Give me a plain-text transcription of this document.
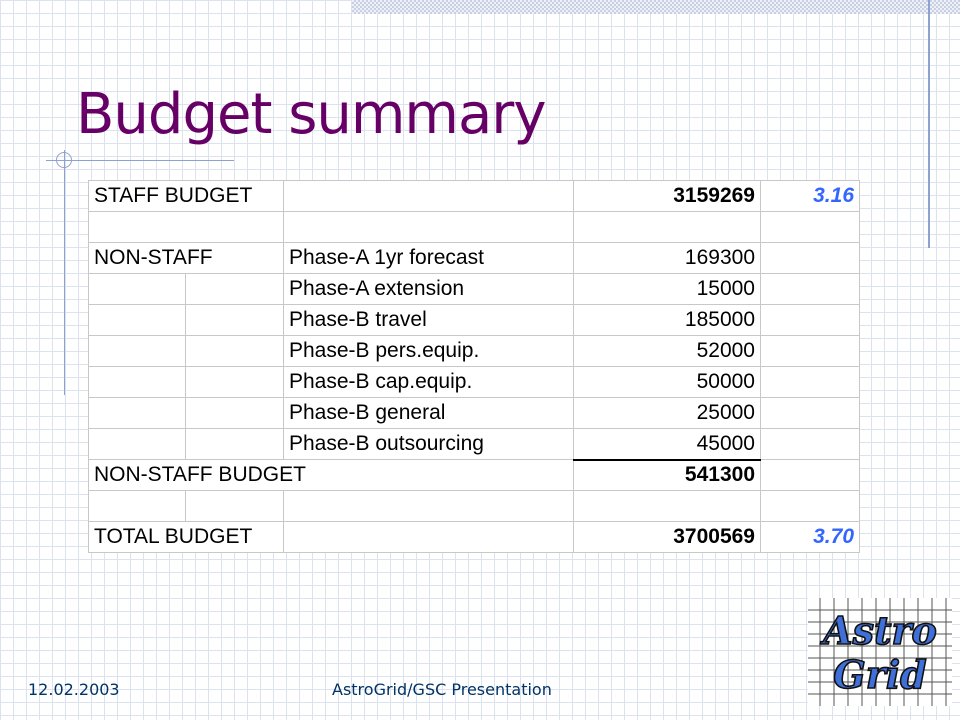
Budget summary
STAFF BUDGET			3159269	3.16

NON-STAFF		Phase-A 1yr forecast	169300	
		Phase-A extension	15000	
		Phase-B travel	185000	
		Phase-B pers.equip.	52000	
		Phase-B cap.equip.	50000	
		Phase-B general	25000	
		Phase-B outsourcing	45000	
NON-STAFF BUDGET			541300	

TOTAL BUDGET			3700569	3.70
12.02.2003	AstroGrid/GSC Presentation
Astro
Grid
